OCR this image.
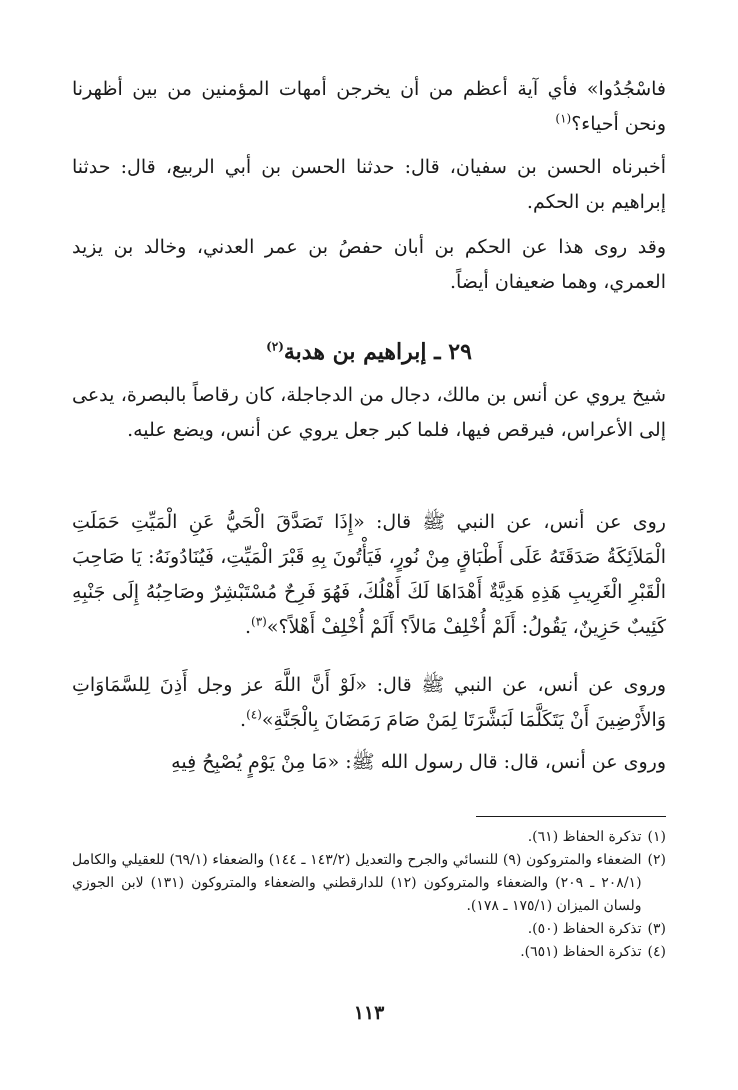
فاسْجُدُوا» فأي آية أعظم من أن يخرجن أمهات المؤمنين من بين أظهرنا ونحن أحياء؟$^{(١)}$

أخبرناه الحسن بن سفيان، قال: حدثنا الحسن بن أبي الربيع، قال: حدثنا إبراهيم بن الحكم.

وقد روى هذا عن الحكم بن أبان حفصُ بن عمر العدني، وخالد بن يزيد العمري، وهما ضعيفان أيضاً.

٢٩ ـ إبراهيم بن هدبة$^{(٢)}$

شيخ يروي عن أنس بن مالك، دجال من الدجاجلة، كان رقاصاً بالبصرة، يدعى إلى الأعراس، فيرقص فيها، فلما كبر جعل يروي عن أنس، ويضع عليه.

روى عن أنس، عن النبي ﷺ قال: «إِذَا تَصَدَّقَ الْحَيُّ عَنِ الْمَيِّتِ حَمَلَتِ الْمَلاَئِكَةُ صَدَقَتَهُ عَلَى أَطْبَاقٍ مِنْ نُورٍ، فَيَأْتُونَ بِهِ قَبْرَ الْمَيِّتِ، فَيُنَادُونَهُ: يَا صَاحِبَ الْقَبْرِ الْغَرِيبِ هَذِهِ هَدِيَّةٌ أَهْدَاهَا لَكَ أَهْلُكَ، فَهُوَ فَرِحٌ مُسْتَبْشِرٌ وصَاحِبُهُ إِلَى جَنْبِهِ كَئِيبٌ حَزِينٌ، يَقُولُ: أَلَمْ أُخْلِفْ مَالاً؟ أَلَمْ أُخْلِفْ أَهْلاً؟»$^{(٣)}$.

وروى عن أنس، عن النبي ﷺ قال: «لَوْ أَنَّ اللَّهَ عز وجل أَذِنَ لِلسَّمَاوَاتِ وَالأَرْضِينَ أَنْ يَتَكَلَّمَا لَبَشَّرَتَا لِمَنْ صَامَ رَمَضَانَ بِالْجَنَّةِ»$^{(٤)}$.

وروى عن أنس، قال: قال رسول الله ﷺ: «مَا مِنْ يَوْمٍ يُصْبِحُ فِيهِ

(١)
تذكرة الحفاظ (٦١).
(٢)
الضعفاء والمتروكون (٩) للنسائي والجرح والتعديل (١٤٣/٢ ـ ١٤٤) والضعفاء (٦٩/١) للعقيلي والكامل (٢٠٨/١ ـ ٢٠٩) والضعفاء والمتروكون (١٢) للدارقطني والضعفاء والمتروكون (١٣١) لابن الجوزي ولسان الميزان (١٧٥/١ ـ ١٧٨).
(٣)
تذكرة الحفاظ (٥٠).
(٤)
تذكرة الحفاظ (٦٥١).
١١٣
